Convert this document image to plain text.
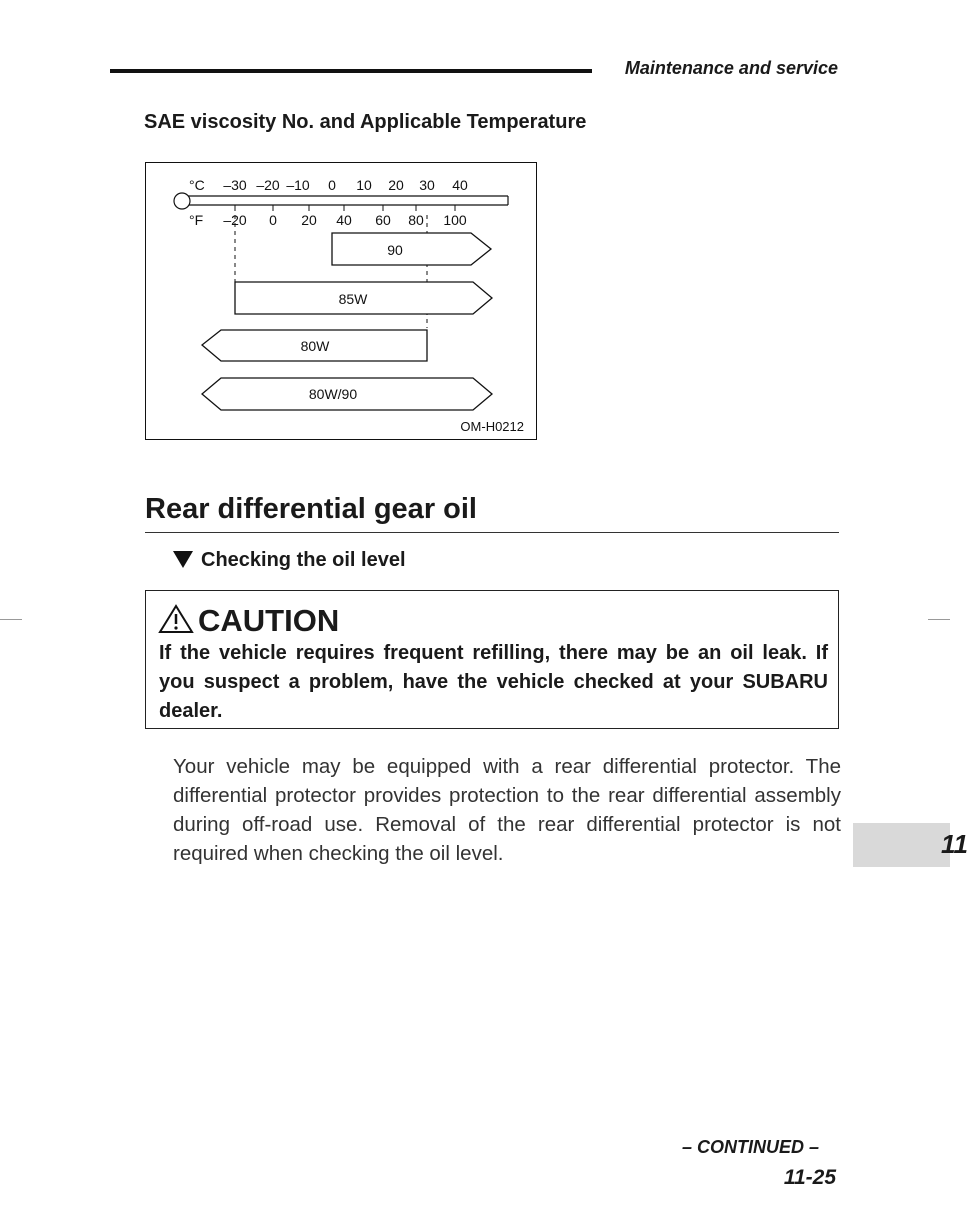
Maintenance and service
SAE viscosity No. and Applicable Temperature
°C
°F
–30 –20 –10 0 10 20 30 40
–20 0 20 40 60 80 100
90
85W
80W
80W/90
OM-H0212
Rear differential gear oil
Checking the oil level
CAUTION

If the vehicle requires frequent refilling, there may be an oil leak. If you suspect a problem, have the vehicle checked at your SUBARU dealer.

Your vehicle may be equipped with a rear differential protector. The differential protector provides protection to the rear differential assembly during off-road use. Removal of the rear differential protector is not required when checking the oil level.	11
– CONTINUED –
11-25
